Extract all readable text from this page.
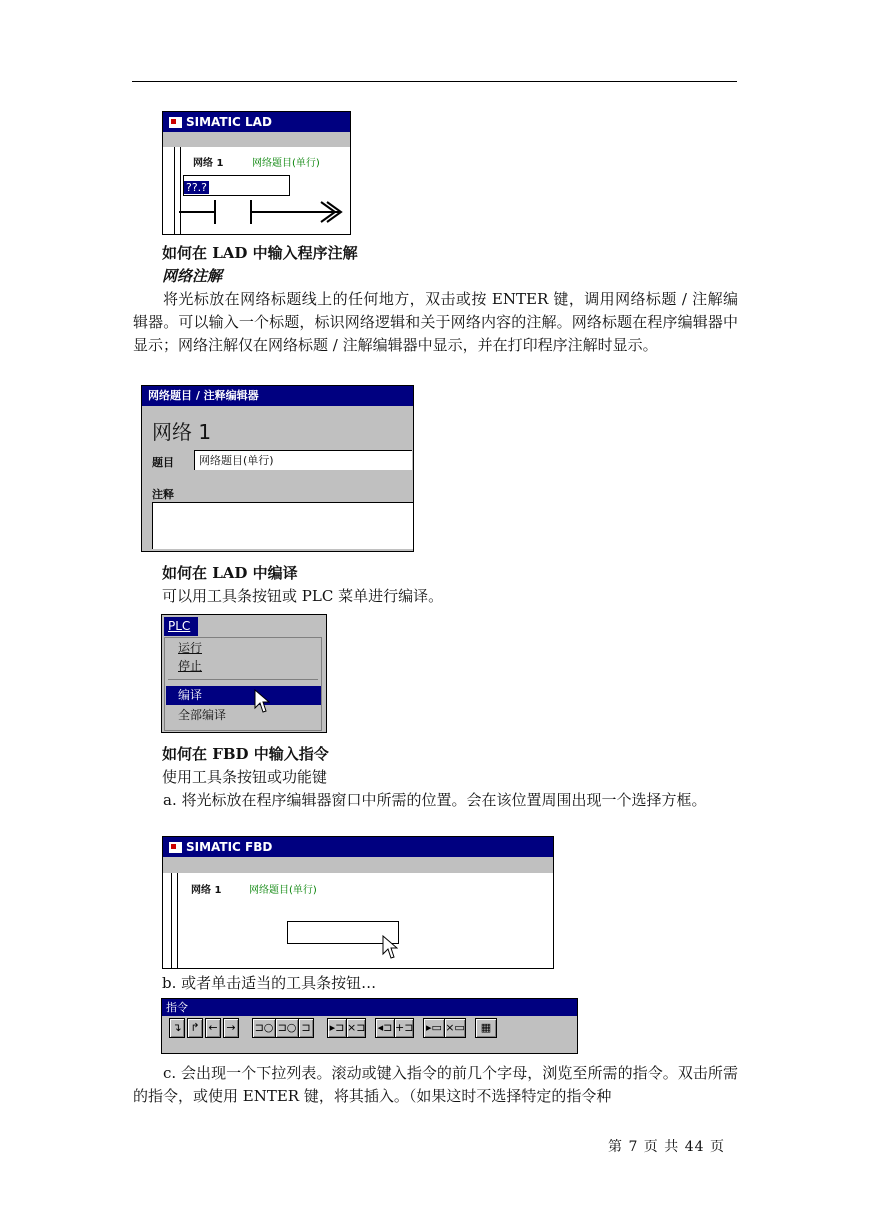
SIMATIC LAD
网络 1	网络题目(单行)
??.?
如何在 LAD 中输入程序注解
网络注解
将光标放在网络标题线上的任何地方，双击或按 ENTER 键，调用网络标题 / 注解编辑器。可以输入一个标题，标识网络逻辑和关于网络内容的注解。网络标题在程序编辑器中显示；网络注解仅在网络标题 / 注解编辑器中显示，并在打印程序注解时显示。
网络题目 / 注释编辑器
网络 1
题目	网络题目(单行)
注释
如何在 LAD 中编译
可以用工具条按钮或 PLC 菜单进行编译。
PLC
运行
停止
编译
全部编译
如何在 FBD 中输入指令
使用工具条按钮或功能键
a. 将光标放在程序编辑器窗口中所需的位置。会在该位置周围出现一个选择方框。
SIMATIC FBD
网络 1	网络题目(单行)
b. 或者单击适当的工具条按钮…
指令
↴ ↱ ← →	⊐○ ⊐○ ⊐	▸⊐ ×⊐ ◂⊐ +⊐ ▸▭ ×▭	▦
c. 会出现一个下拉列表。滚动或键入指令的前几个字母，浏览至所需的指令。双击所需的指令，或使用 ENTER 键，将其插入。（如果这时不选择特定的指令种
第 7 页 共 44 页
